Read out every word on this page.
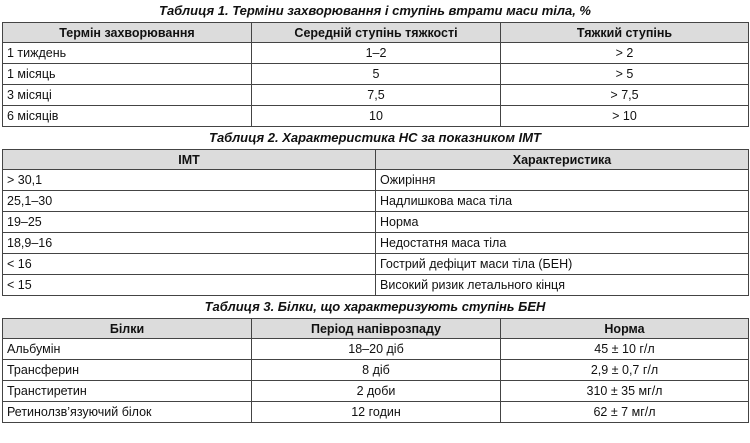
Таблиця 1. Терміни захворювання і ступінь втрати маси тіла, %
Термін захворювання	Середній ступінь тяжкості	Тяжкий ступінь
1 тиждень	1–2	> 2
1 місяць	5	> 5
3 місяці	7,5	> 7,5
6 місяців	10	> 10
Таблиця 2. Характеристика НС за показником ІМТ
ІМТ	Характеристика
> 30,1	Ожиріння
25,1–30	Надлишкова маса тіла
19–25	Норма
18,9–16	Недостатня маса тіла
< 16	Гострий дефіцит маси тіла (БЕН)
< 15	Високий ризик летального кінця
Таблиця 3. Білки, що характеризують ступінь БЕН
Білки	Період напіврозпаду	Норма
Альбумін	18–20 діб	45 ± 10 г/л
Трансферин	8 діб	2,9 ± 0,7 г/л
Транстиретин	2 доби	310 ± 35 мг/л
Ретинолзв’язуючий білок	12 годин	62 ± 7 мг/л
